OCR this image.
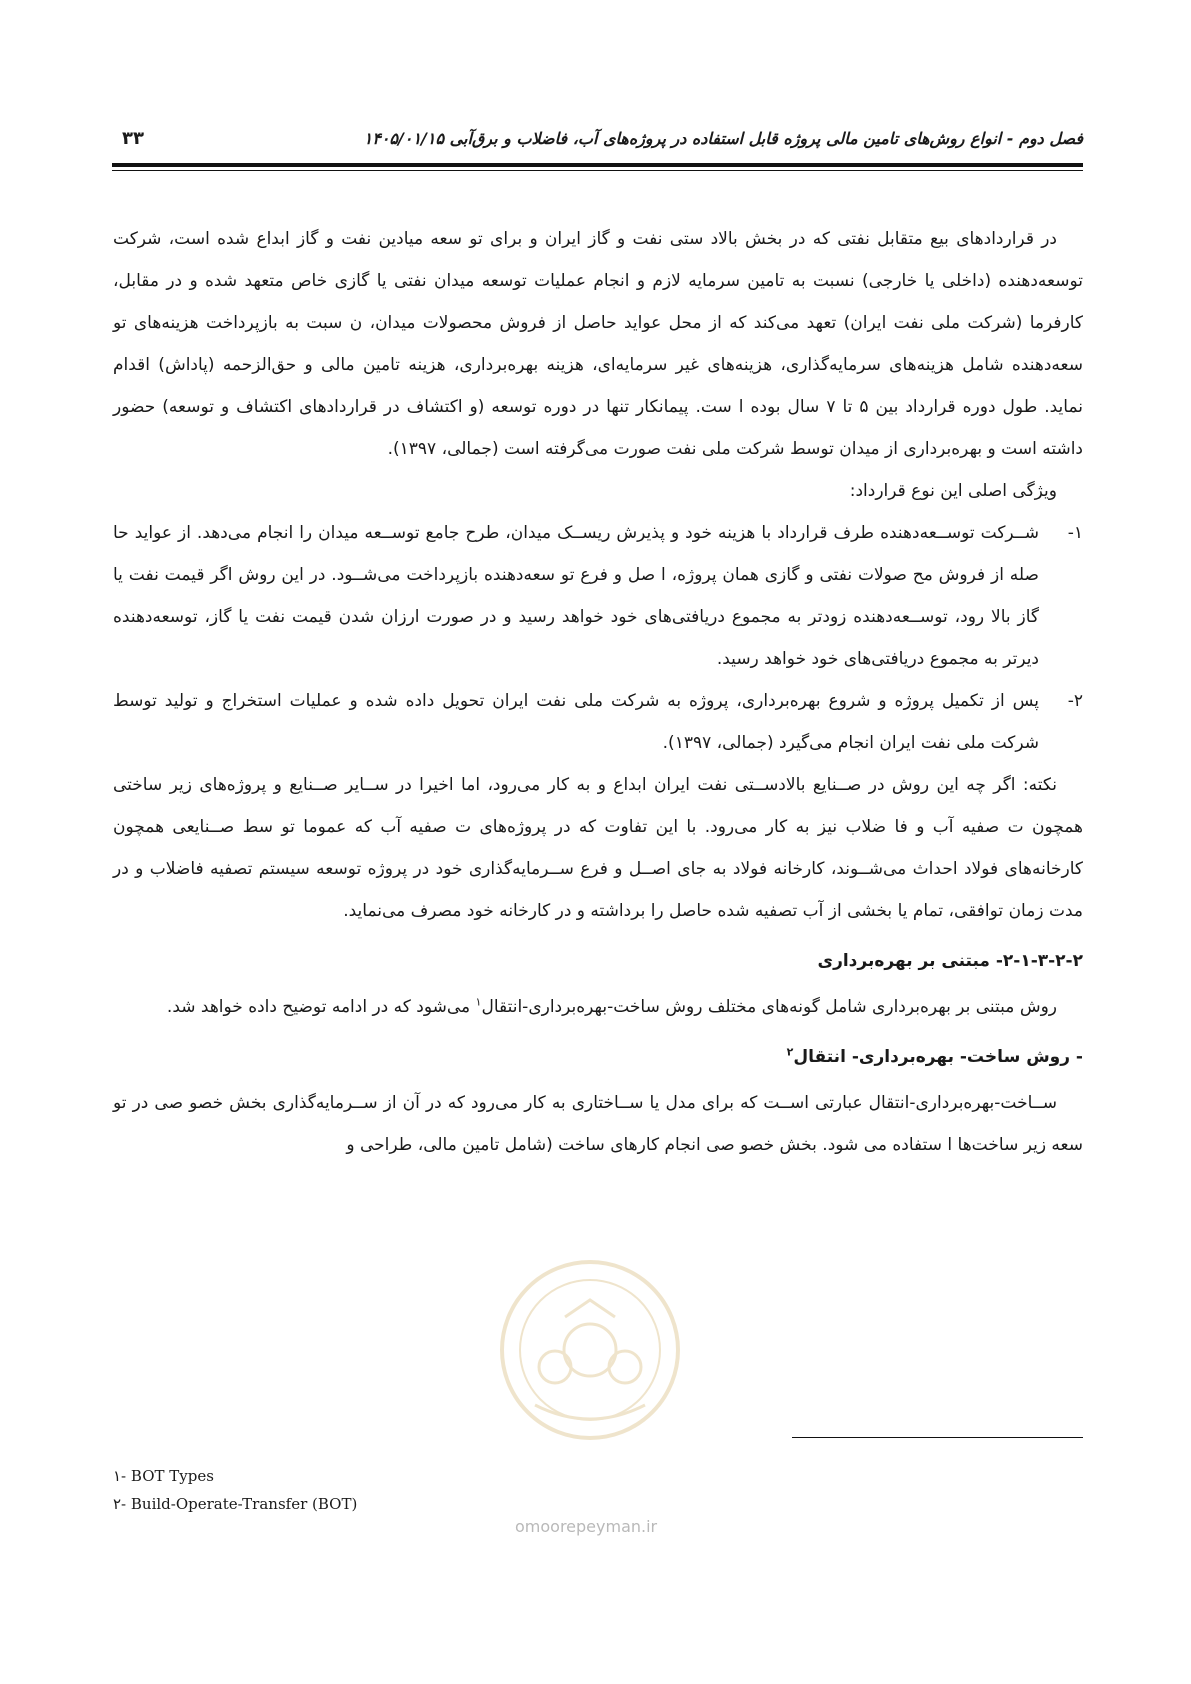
فصل دوم - انواع روش‌های تامین مالی پروژه قابل استفاده در پروژه‌های آب، فاضلاب و برق‌آبی ۱۴۰۵/۰۱/۱۵
۳۳
omoorepeyman.ir

در قراردادهای بیع متقابل نفتی که در بخش بالاد ستی نفت و گاز ایران و برای تو سعه میادین نفت و گاز ابداع شده است، شرکت توسعه‌دهنده (داخلی یا خارجی) نسبت به تامین سرمایه لازم و انجام عملیات توسعه میدان نفتی یا گازی خاص متعهد شده و در مقابل، کارفرما (شرکت ملی نفت ایران) تعهد می‌کند که از محل عواید حاصل از فروش محصولات میدان، ن سبت به بازپرداخت هزینه‌های تو سعه‌دهنده شامل هزینه‌های سرمایه‌گذاری، هزینه‌های غیر سرمایه‌ای، هزینه بهره‌برداری، هزینه تامین مالی و حق‌الزحمه (پاداش) اقدام نماید. طول دوره قرارداد بین ۵ تا ۷ سال بوده ا ست. پیمانکار تنها در دوره توسعه (و اکتشاف در قراردادهای اکتشاف و توسعه) حضور داشته است و بهره‌برداری از میدان توسط شرکت ملی نفت صورت می‌گرفته است (جمالی، ۱۳۹۷).

ویژگی اصلی این نوع قرارداد:

۱-
شــرکت توســعه‌دهنده طرف قرارداد با هزینه خود و پذیرش ریســک میدان، طرح جامع توســعه میدان را انجام می‌دهد. از عواید حا صله از فروش مح صولات نفتی و گازی همان پروژه، ا صل و فرع تو سعه‌دهنده بازپرداخت می‌شــود. در این روش اگر قیمت نفت یا گاز بالا رود، توســعه‌دهنده زودتر به مجموع دریافتی‌های خود خواهد رسید و در صورت ارزان شدن قیمت نفت یا گاز، توسعه‌دهنده دیرتر به مجموع دریافتی‌های خود خواهد رسید.
۲-
پس از تکمیل پروژه و شروع بهره‌برداری، پروژه به شرکت ملی نفت ایران تحویل داده شده و عملیات استخراج و تولید توسط شرکت ملی نفت ایران انجام می‌گیرد (جمالی، ۱۳۹۷).

نکته: اگر چه این روش در صــنایع بالادســتی نفت ایران ابداع و به کار می‌رود، اما اخیرا در ســایر صــنایع و پروژه‌های زیر ساختی همچون ت صفیه آب و فا ضلاب نیز به کار می‌رود. با این تفاوت که در پروژه‌های ت صفیه آب که عموما تو سط صــنایعی همچون کارخانه‌های فولاد احداث می‌شــوند، کارخانه فولاد به جای اصــل و فرع ســرمایه‌گذاری خود در پروژه توسعه سیستم تصفیه فاضلاب و در مدت زمان توافقی، تمام یا بخشی از آب تصفیه شده حاصل را برداشته و در کارخانه خود مصرف می‌نماید.

۲-۱-۳-۲-۲- مبتنی بر بهره‌برداری

روش مبتنی بر بهره‌برداری شامل گونه‌های مختلف روش ساخت-بهره‌برداری-انتقال$^۱$ می‌شود که در ادامه توضیح داده خواهد شد.

- روش ساخت- بهره‌برداری- انتقال$^۲$

ســاخت-بهره‌برداری-انتقال عبارتی اســت که برای مدل یا ســاختاری به کار می‌رود که در آن از ســرمایه‌گذاری بخش خصو صی در تو سعه زیر ساخت‌ها ا ستفاده می شود. بخش خصو صی انجام کارهای ساخت (شامل تامین مالی، طراحی و

۱- BOT Types
۲- Build-Operate-Transfer (BOT)
